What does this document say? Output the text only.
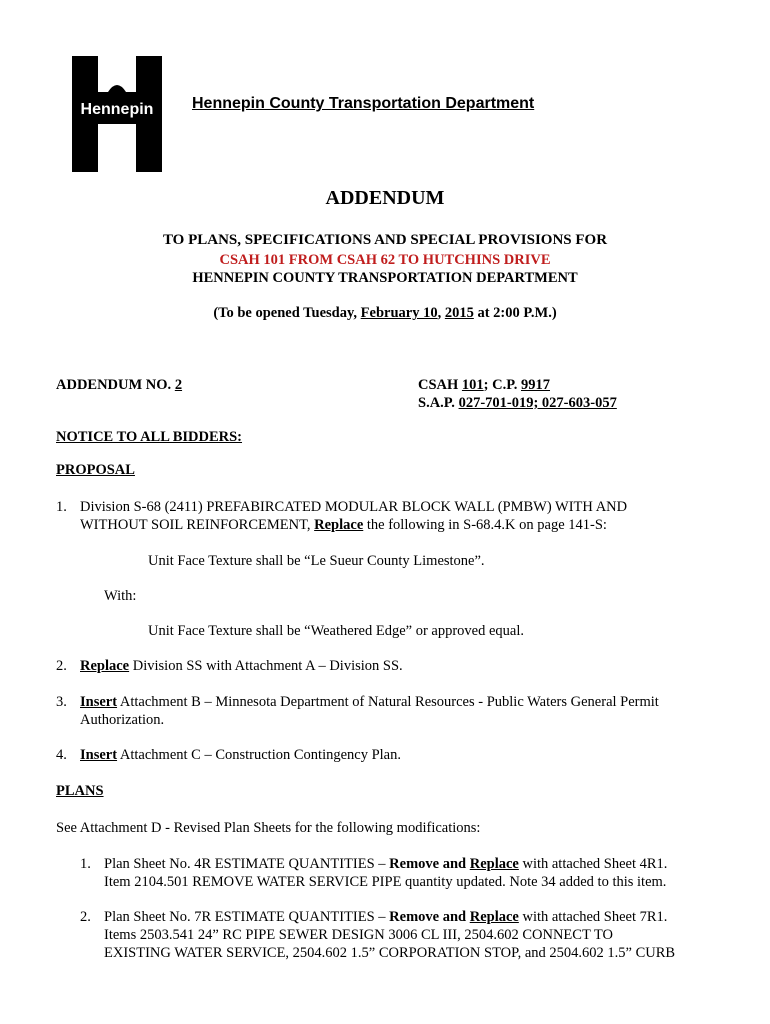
Hennepin Hennepin County Transportation Department
ADDENDUM
TO PLANS, SPECIFICATIONS AND SPECIAL PROVISIONS FOR
CSAH 101 FROM CSAH 62 TO HUTCHINS DRIVE
HENNEPIN COUNTY TRANSPORTATION DEPARTMENT
(To be opened Tuesday, February 10, 2015 at 2:00 P.M.)
ADDENDUM NO. 2	CSAH 101; C.P. 9917
S.A.P. 027-701-019; 027-603-057
NOTICE TO ALL BIDDERS:
PROPOSAL
1. Division S-68 (2411) PREFABIRCATED MODULAR BLOCK WALL (PMBW) WITH AND
WITHOUT SOIL REINFORCEMENT, Replace the following in S-68.4.K on page 141-S:
Unit Face Texture shall be “Le Sueur County Limestone”.
With:
Unit Face Texture shall be “Weathered Edge” or approved equal.
2. Replace Division SS with Attachment A – Division SS.
3. Insert Attachment B – Minnesota Department of Natural Resources - Public Waters General Permit
Authorization.
4. Insert Attachment C – Construction Contingency Plan.
PLANS
See Attachment D - Revised Plan Sheets for the following modifications:
1. Plan Sheet No. 4R ESTIMATE QUANTITIES – Remove and Replace with attached Sheet 4R1.
Item 2104.501 REMOVE WATER SERVICE PIPE quantity updated. Note 34 added to this item.
2. Plan Sheet No. 7R ESTIMATE QUANTITIES – Remove and Replace with attached Sheet 7R1.
Items 2503.541 24” RC PIPE SEWER DESIGN 3006 CL III, 2504.602 CONNECT TO
EXISTING WATER SERVICE, 2504.602 1.5” CORPORATION STOP, and 2504.602 1.5” CURB
